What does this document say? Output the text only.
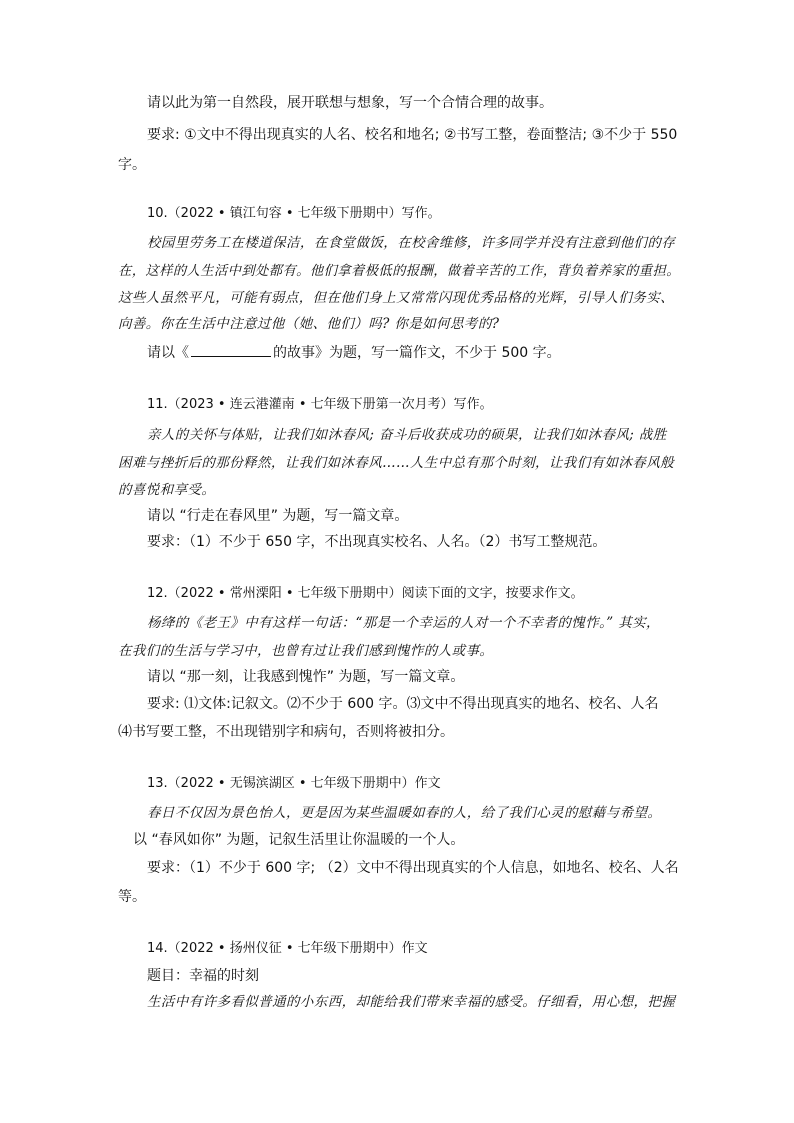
请以此为第一自然段，展开联想与想象，写一个合情合理的故事。
要求: ①文中不得出现真实的人名、校名和地名; ②书写工整，卷面整洁; ③不少于 550
字。
10.（2022 • 镇江句容 • 七年级下册期中）写作。
校园里劳务工在楼道保洁，在食堂做饭，在校舍维修，许多同学并没有注意到他们的存
在，这样的人生活中到处都有。他们拿着极低的报酬，做着辛苦的工作，背负着养家的重担。
这些人虽然平凡，可能有弱点，但在他们身上又常常闪现优秀品格的光辉，引导人们务实、
向善。你在生活中注意过他（她、他们）吗? 你是如何思考的?
请以《	的故事》为题，写一篇作文，不少于 500 字。
11.（2023 • 连云港灌南 • 七年级下册第一次月考）写作。
亲人的关怀与体贴，让我们如沐春风; 奋斗后收获成功的硕果，让我们如沐春风; 战胜
困难与挫折后的那份释然，让我们如沐春风……人生中总有那个时刻，让我们有如沐春风般
的喜悦和享受。
请以 “行走在春风里” 为题，写一篇文章。
要求：（1）不少于 650 字，不出现真实校名、人名。（2）书写工整规范。
12.（2022 • 常州溧阳 • 七年级下册期中）阅读下面的文字，按要求作文。
杨绛的《老王》中有这样一句话：“那是一个幸运的人对一个不幸者的愧怍。” 其实，
在我们的生活与学习中，也曾有过让我们感到愧怍的人或事。
请以 “那一刻，让我感到愧怍” 为题，写一篇文章。
要求: ⑴文体:记叙文。⑵不少于 600 字。⑶文中不得出现真实的地名、校名、人名
⑷书写要工整，不出现错别字和病句，否则将被扣分。
13.（2022 • 无锡滨湖区 • 七年级下册期中）作文
春日不仅因为景色怡人，更是因为某些温暖如春的人，给了我们心灵的慰藉与希望。
以 “春风如你” 为题，记叙生活里让你温暖的一个人。
要求：（1）不少于 600 字; （2）文中不得出现真实的个人信息，如地名、校名、人名
等。
14.（2022 • 扬州仪征 • 七年级下册期中）作文
题目：幸福的时刻
生活中有许多看似普通的小东西，却能给我们带来幸福的感受。仔细看，用心想，把握
